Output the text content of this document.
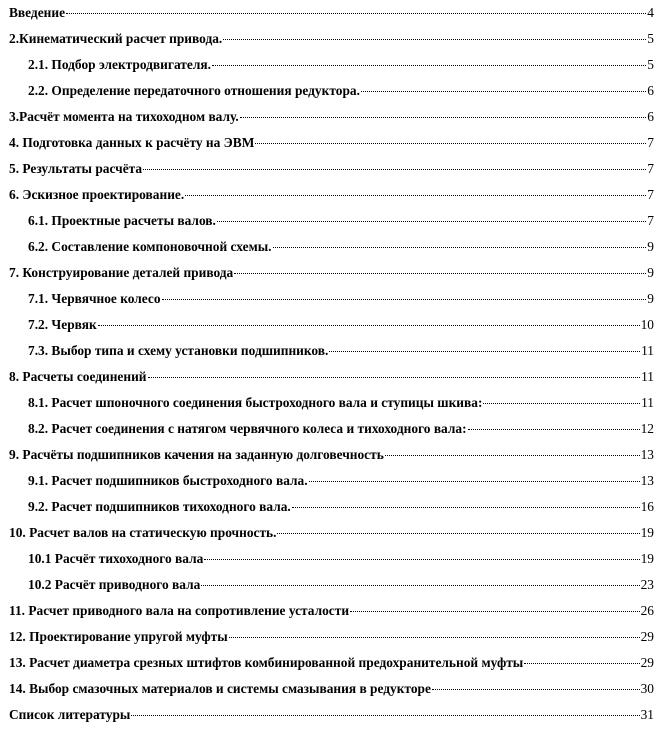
Введение	4
2.Кинематический расчет привода.	5
2.1. Подбор электродвигателя.	5
2.2. Определение передаточного отношения редуктора.	6
3.Расчёт момента на тихоходном валу.	6
4. Подготовка данных к расчёту на ЭВМ	7
5. Результаты расчёта	7
6. Эскизное проектирование.	7
6.1. Проектные расчеты валов.	7
6.2. Составление компоновочной схемы.	9
7. Конструирование деталей привода	9
7.1. Червячное колесо	9
7.2. Червяк	10
7.3. Выбор типа и схему установки подшипников.	11
8. Расчеты соединений	11
8.1. Расчет шпоночного соединения быстроходного вала и ступицы шкива:	11
8.2. Расчет соединения с натягом червячного колеса и тихоходного вала:	12
9. Расчёты подшипников качения на заданную долговечность	13
9.1. Расчет подшипников быстроходного вала.	13
9.2. Расчет подшипников тихоходного вала.	16
10. Расчет валов на статическую прочность.	19
10.1 Расчёт тихоходного вала	19
10.2 Расчёт приводного вала	23
11. Расчет приводного вала на сопротивление усталости	26
12. Проектирование упругой муфты	29
13. Расчет диаметра срезных штифтов комбинированной предохранительной муфты	29
14. Выбор смазочных материалов и системы смазывания в редукторе	30
Список литературы	31
